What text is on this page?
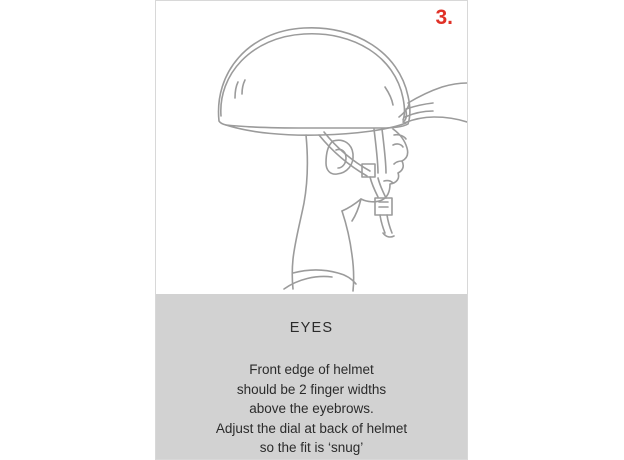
3.
EYES
Front edge of helmet
should be 2 finger widths
above the eyebrows.
Adjust the dial at back of helmet
so the fit is ‘snug’
